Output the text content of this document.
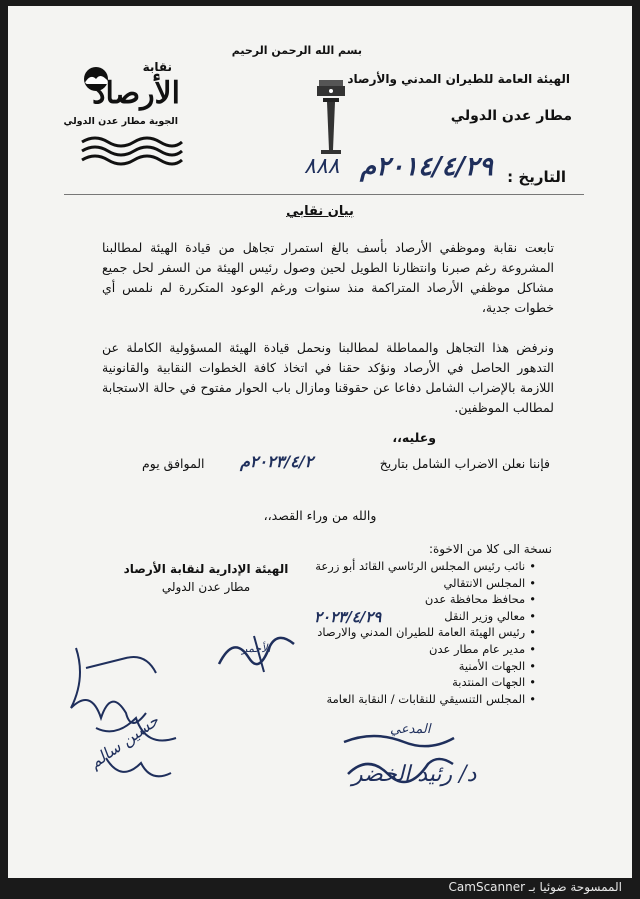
بسم الله الرحمن الرحيم
الهيئة العامة للطيران المدني والأرصاد
مطار عدن الدولي
٨٨٨ ٢٠١٤/٤/٢٩م التاريخ :
نقابة
الأرصاد
الجوية مطار عدن الدولي
بيان نقابي
تابعت نقابة وموظفي الأرصاد بأسف بالغ استمرار تجاهل من قيادة الهيئة لمطالبنا المشروعة رغم صبرنا وانتظارنا الطويل لحين وصول رئيس الهيئة من السفر لحل جميع مشاكل موظفي الأرصاد المتراكمة منذ سنوات ورغم الوعود المتكررة لم نلمس أي خطوات جدية،
ونرفض هذا التجاهل والمماطلة لمطالبنا ونحمل قيادة الهيئة المسؤولية الكاملة عن التدهور الحاصل في الأرصاد ونؤكد حقنا في اتخاذ كافة الخطوات النقابية والقانونية اللازمة بالإضراب الشامل دفاعا عن حقوقنا ومازال باب الحوار مفتوح في حالة الاستجابة لمطالب الموظفين.
وعليه،،
فإننا نعلن الاضراب الشامل بتاريخ
٢٠٢٣/٤/٢م
الموافق يوم
والله من وراء القصد،،
نسخة الى كلا من الاخوة:
• نائب رئيس المجلس الرئاسي القائد أبو زرعة
• المجلس الانتقالي
• محافظ محافظة عدن
• معالي وزير النقل
• رئيس الهيئة العامة للطيران المدني والارصاد
• مدير عام مطار عدن
• الجهات الأمنية
• الجهات المنتدبة
• المجلس التنسيقي للنقابات / النقابة العامة
٢٠٢٣/٤/٢٩
الهيئة الإدارية لنقابة الأرصاد
مطار عدن الدولي
حسين سالم
الأحمر
المدعي
د/ رئيد الخضر
الممسوحة ضوئيا بـ CamScanner
